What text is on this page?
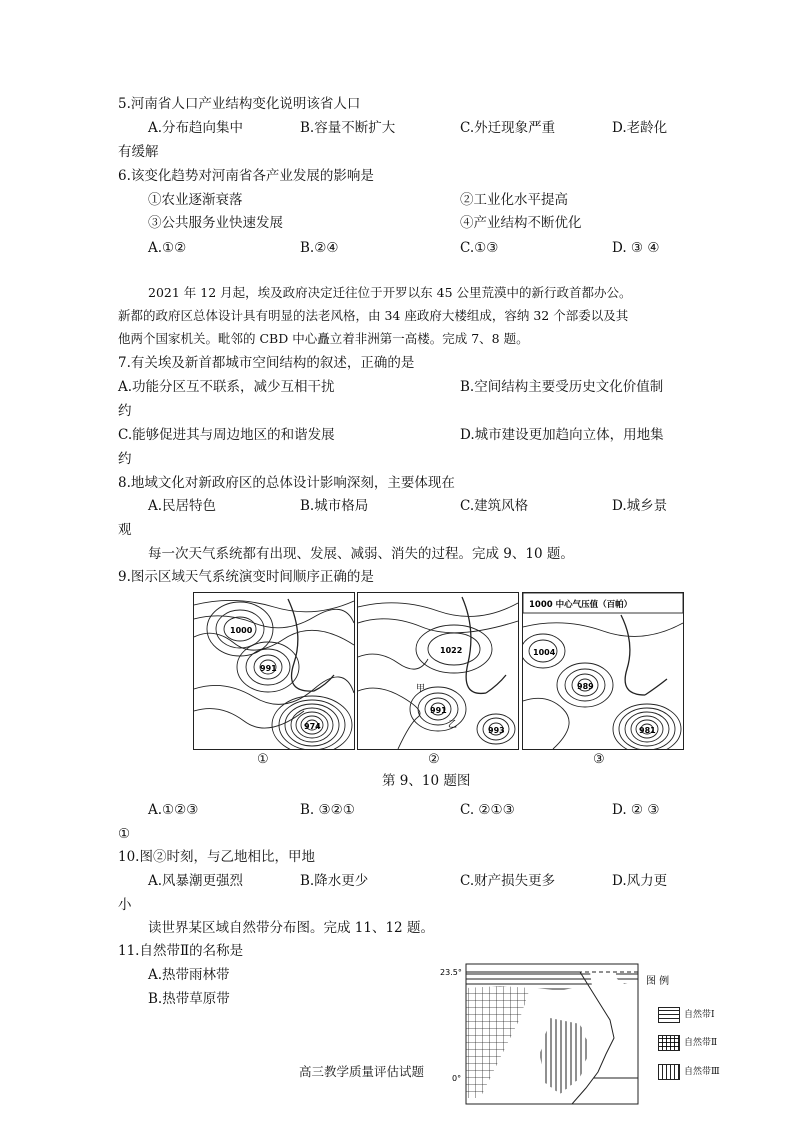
5.河南省人口产业结构变化说明该省人口
A.分布趋向集中	B.容量不断扩大	C.外迁现象严重	D.老龄化
有缓解
6.该变化趋势对河南省各产业发展的影响是
①农业逐渐衰落	②工业化水平提高
③公共服务业快速发展	④产业结构不断优化
A.①②	B.②④	C.①③	D. ③ ④
2021 年 12 月起，埃及政府决定迁往位于开罗以东 45 公里荒漠中的新行政首都办公。
新都的政府区总体设计具有明显的法老风格，由 34 座政府大楼组成，容纳 32 个部委以及其
他两个国家机关。毗邻的 CBD 中心矗立着非洲第一高楼。完成 7、8 题。
7.有关埃及新首都城市空间结构的叙述，正确的是
A.功能分区互不联系，减少互相干扰	B.空间结构主要受历史文化价值制
约
C.能够促进其与周边地区的和谐发展	D.城市建设更加趋向立体，用地集
约
8.地域文化对新政府区的总体设计影响深刻，主要体现在
A.民居特色	B.城市格局	C.建筑风格	D.城乡景
观
每一次天气系统都有出现、发展、减弱、消失的过程。完成 9、10 题。
9.图示区域天气系统演变时间顺序正确的是
1000
991
974
1022
甲
乙
991
993
1000 中心气压值（百帕）
1004
989
981
①	②	③
第 9、10 题图
A.①②③	B. ③②①	C. ②①③	D. ② ③
①
10.图②时刻，与乙地相比，甲地
A.风暴潮更强烈	B.降水更少	C.财产损失更多	D.风力更
小
读世界某区域自然带分布图。完成 11、12 题。
11.自然带Ⅱ的名称是
A.热带雨林带
B.热带草原带
23.5°
0°
图 例
自然带Ⅰ
自然带Ⅱ
自然带Ⅲ
高三教学质量评估试题
